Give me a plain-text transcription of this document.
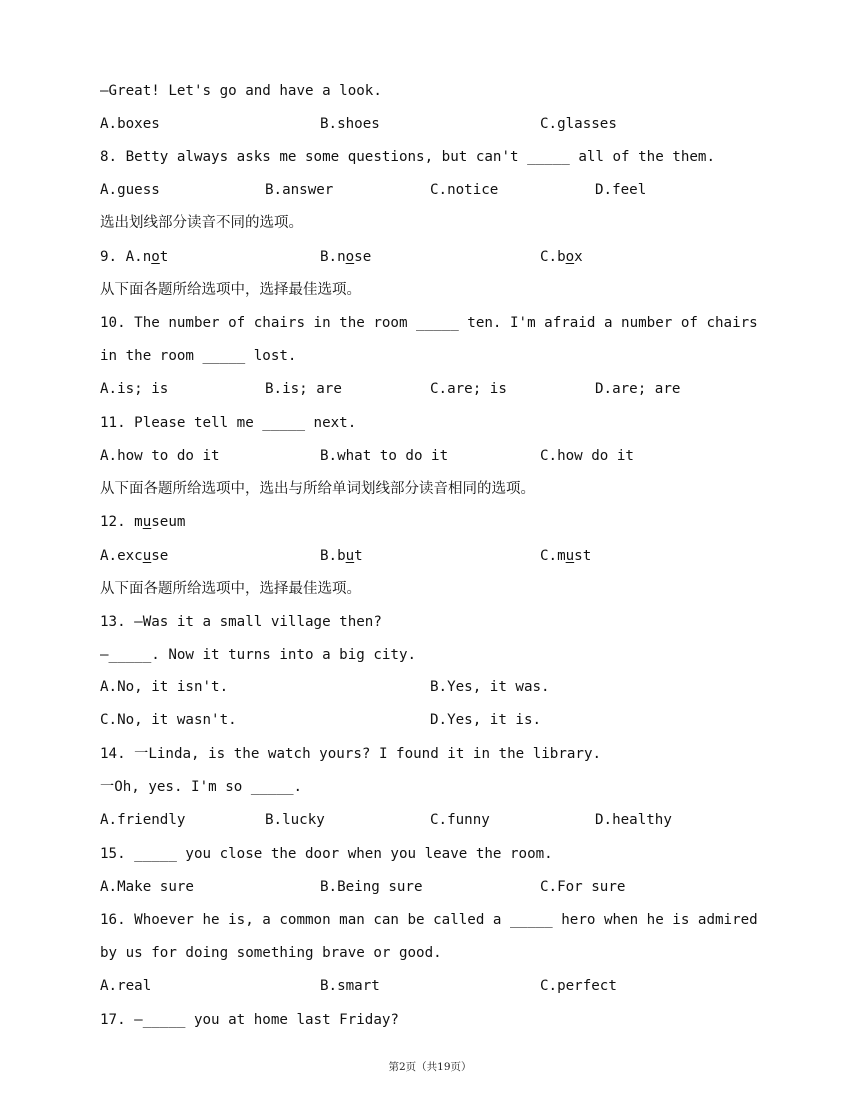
—Great! Let's go and have a look.
A.boxes	B.shoes	C.glasses
8. Betty always asks me some questions, but can't _____ all of the them.
A.guess	B.answer	C.notice	D.feel
选出划线部分读音不同的选项。
9. A.not	B.nose	C.box
从下面各题所给选项中，选择最佳选项。
10. The number of chairs in the room _____ ten. I'm afraid a number of chairs
in the room _____ lost.
A.is; is	B.is; are	C.are; is	D.are; are
11. Please tell me _____ next.
A.how to do it	B.what to do it	C.how do it
从下面各题所给选项中，选出与所给单词划线部分读音相同的选项。
12. museum
A.excuse	B.but	C.must
从下面各题所给选项中，选择最佳选项。
13. —Was it a small village then?
—_____. Now it turns into a big city.
A.No, it isn't.	B.Yes, it was.
C.No, it wasn't.	D.Yes, it is.
14. 一Linda, is the watch yours? I found it in the library.
一Oh, yes. I'm so _____.
A.friendly	B.lucky	C.funny	D.healthy
15. _____ you close the door when you leave the room.
A.Make sure	B.Being sure	C.For sure
16. Whoever he is, a common man can be called a _____ hero when he is admired
by us for doing something brave or good.
A.real	B.smart	C.perfect
17. —_____ you at home last Friday?
第2页（共19页）
